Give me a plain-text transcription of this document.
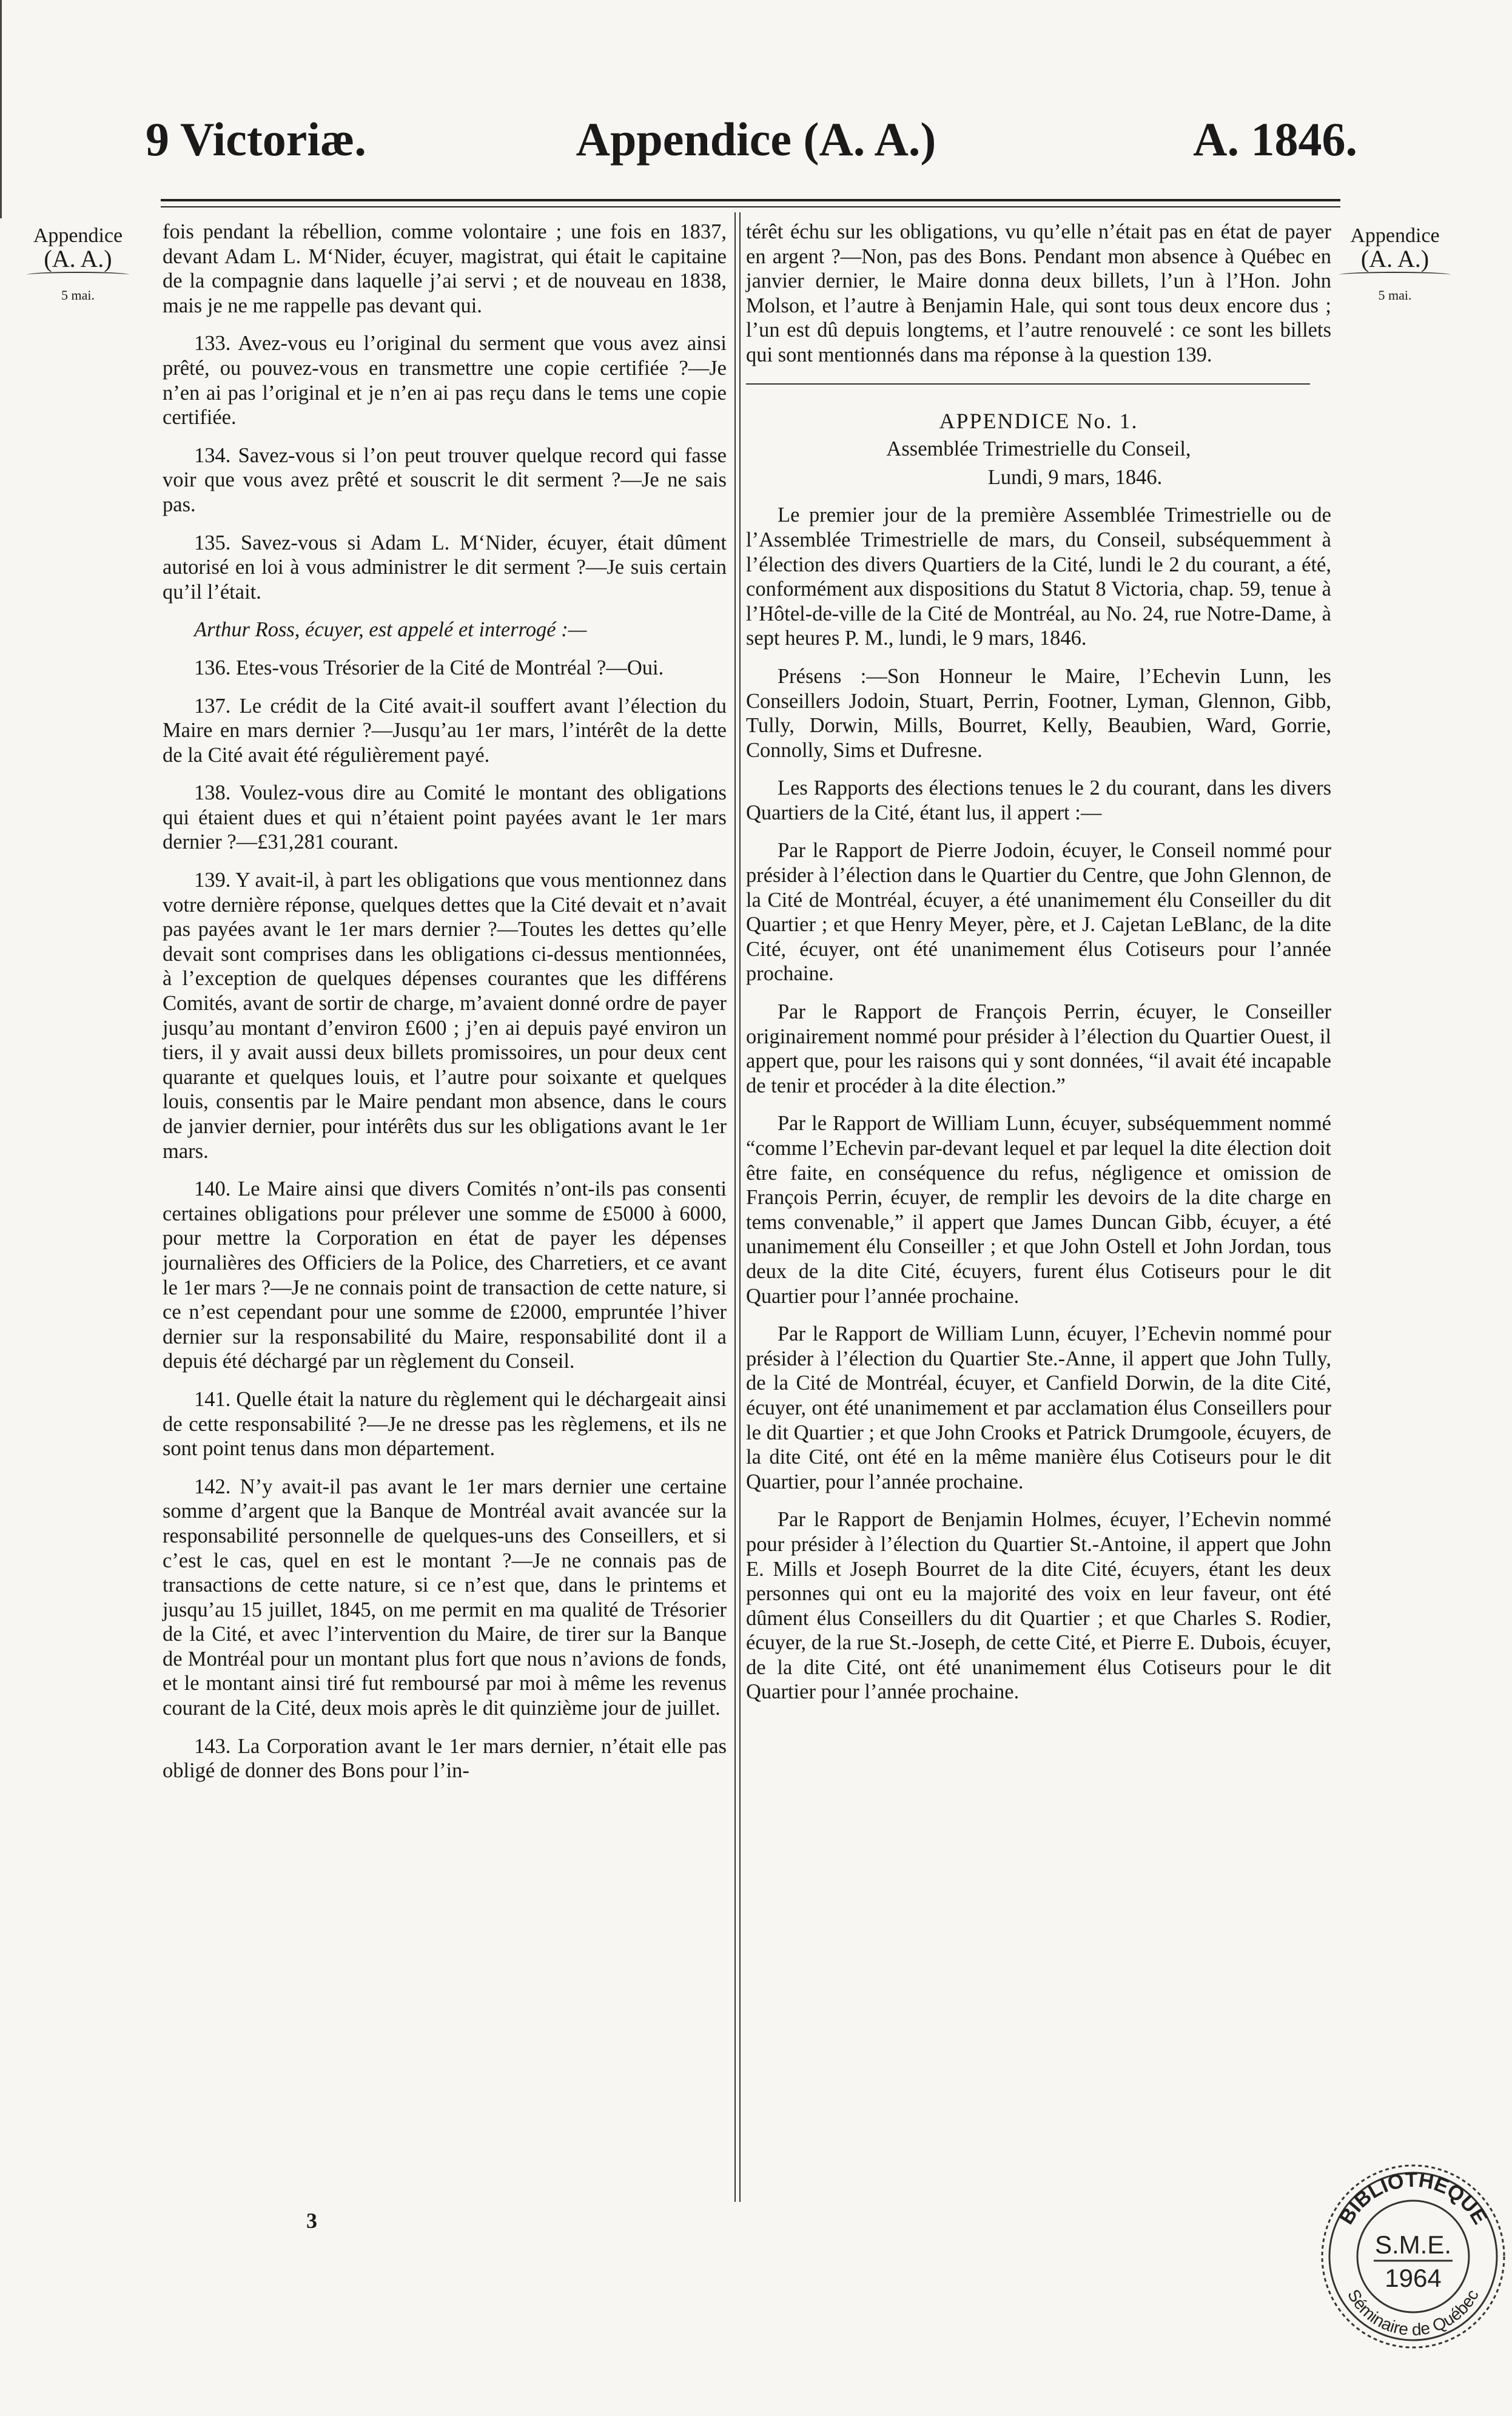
9 Victoriæ.	Appendice (A. A.)	A. 1846.
Appendice
(A. A.)
5 mai.
Appendice
(A. A.)
5 mai.

fois pendant la rébellion, comme volontaire ; une fois en 1837, devant Adam L. M‘Nider, écuyer, magistrat, qui était le capitaine de la compagnie dans laquelle j’ai servi ; et de nouveau en 1838, mais je ne me rappelle pas devant qui.

133. Avez-vous eu l’original du serment que vous avez ainsi prêté, ou pouvez-vous en transmettre une copie certifiée ?—Je n’en ai pas l’original et je n’en ai pas reçu dans le tems une copie certifiée.

134. Savez-vous si l’on peut trouver quelque record qui fasse voir que vous avez prêté et souscrit le dit serment ?—Je ne sais pas.

135. Savez-vous si Adam L. M‘Nider, écuyer, était dûment autorisé en loi à vous administrer le dit serment ?—Je suis certain qu’il l’était.

Arthur Ross, écuyer, est appelé et interrogé :—

136. Etes-vous Trésorier de la Cité de Montréal ?—Oui.

137. Le crédit de la Cité avait-il souffert avant l’élection du Maire en mars dernier ?—Jusqu’au 1er mars, l’intérêt de la dette de la Cité avait été régulièrement payé.

138. Voulez-vous dire au Comité le montant des obligations qui étaient dues et qui n’étaient point payées avant le 1er mars dernier ?—£31,281 courant.

139. Y avait-il, à part les obligations que vous mentionnez dans votre dernière réponse, quelques dettes que la Cité devait et n’avait pas payées avant le 1er mars dernier ?—Toutes les dettes qu’elle devait sont comprises dans les obligations ci-dessus mentionnées, à l’exception de quelques dépenses courantes que les différens Comités, avant de sortir de charge, m’avaient donné ordre de payer jusqu’au montant d’environ £600 ; j’en ai depuis payé environ un tiers, il y avait aussi deux billets promissoires, un pour deux cent quarante et quelques louis, et l’autre pour soixante et quelques louis, consentis par le Maire pendant mon absence, dans le cours de janvier dernier, pour intérêts dus sur les obligations avant le 1er mars.

140. Le Maire ainsi que divers Comités n’ont-ils pas consenti certaines obligations pour prélever une somme de £5000 à 6000, pour mettre la Corporation en état de payer les dépenses journalières des Officiers de la Police, des Charretiers, et ce avant le 1er mars ?—Je ne connais point de transaction de cette nature, si ce n’est cependant pour une somme de £2000, empruntée l’hiver dernier sur la responsabilité du Maire, responsabilité dont il a depuis été déchargé par un règlement du Conseil.

141. Quelle était la nature du règlement qui le déchargeait ainsi de cette responsabilité ?—Je ne dresse pas les règlemens, et ils ne sont point tenus dans mon département.

142. N’y avait-il pas avant le 1er mars dernier une certaine somme d’argent que la Banque de Montréal avait avancée sur la responsabilité personnelle de quelques-uns des Conseillers, et si c’est le cas, quel en est le montant ?—Je ne connais pas de transactions de cette nature, si ce n’est que, dans le printems et jusqu’au 15 juillet, 1845, on me permit en ma qualité de Trésorier de la Cité, et avec l’intervention du Maire, de tirer sur la Banque de Montréal pour un montant plus fort que nous n’avions de fonds, et le montant ainsi tiré fut remboursé par moi à même les revenus courant de la Cité, deux mois après le dit quinzième jour de juillet.

143. La Corporation avant le 1er mars dernier, n’était elle pas obligé de donner des Bons pour l’in-

térêt échu sur les obligations, vu qu’elle n’était pas en état de payer en argent ?—Non, pas des Bons. Pendant mon absence à Québec en janvier dernier, le Maire donna deux billets, l’un à l’Hon. John Molson, et l’autre à Benjamin Hale, qui sont tous deux encore dus ; l’un est dû depuis longtems, et l’autre renouvelé : ce sont les billets qui sont mentionnés dans ma réponse à la question 139.

APPENDICE No. 1.

Assemblée Trimestrielle du Conseil,

Lundi, 9 mars, 1846.

Le premier jour de la première Assemblée Trimestrielle ou de l’Assemblée Trimestrielle de mars, du Conseil, subséquemment à l’élection des divers Quartiers de la Cité, lundi le 2 du courant, a été, conformément aux dispositions du Statut 8 Victoria, chap. 59, tenue à l’Hôtel-de-ville de la Cité de Montréal, au No. 24, rue Notre-Dame, à sept heures P. M., lundi, le 9 mars, 1846.

Présens :—Son Honneur le Maire, l’Echevin Lunn, les Conseillers Jodoin, Stuart, Perrin, Footner, Lyman, Glennon, Gibb, Tully, Dorwin, Mills, Bourret, Kelly, Beaubien, Ward, Gorrie, Connolly, Sims et Dufresne.

Les Rapports des élections tenues le 2 du courant, dans les divers Quartiers de la Cité, étant lus, il appert :—

Par le Rapport de Pierre Jodoin, écuyer, le Conseil nommé pour présider à l’élection dans le Quartier du Centre, que John Glennon, de la Cité de Montréal, écuyer, a été unanimement élu Conseiller du dit Quartier ; et que Henry Meyer, père, et J. Cajetan LeBlanc, de la dite Cité, écuyer, ont été unanimement élus Cotiseurs pour l’année prochaine.

Par le Rapport de François Perrin, écuyer, le Conseiller originairement nommé pour présider à l’élection du Quartier Ouest, il appert que, pour les raisons qui y sont données, “il avait été incapable de tenir et procéder à la dite élection.”

Par le Rapport de William Lunn, écuyer, subséquemment nommé “comme l’Echevin par-devant lequel et par lequel la dite élection doit être faite, en conséquence du refus, négligence et omission de François Perrin, écuyer, de remplir les devoirs de la dite charge en tems convenable,” il appert que James Duncan Gibb, écuyer, a été unanimement élu Conseiller ; et que John Ostell et John Jordan, tous deux de la dite Cité, écuyers, furent élus Cotiseurs pour le dit Quartier pour l’année prochaine.

Par le Rapport de William Lunn, écuyer, l’Echevin nommé pour présider à l’élection du Quartier Ste.-Anne, il appert que John Tully, de la Cité de Montréal, écuyer, et Canfield Dorwin, de la dite Cité, écuyer, ont été unanimement et par acclamation élus Conseillers pour le dit Quartier ; et que John Crooks et Patrick Drumgoole, écuyers, de la dite Cité, ont été en la même manière élus Cotiseurs pour le dit Quartier, pour l’année prochaine.

Par le Rapport de Benjamin Holmes, écuyer, l’Echevin nommé pour présider à l’élection du Quartier St.-Antoine, il appert que John E. Mills et Joseph Bourret de la dite Cité, écuyers, étant les deux personnes qui ont eu la majorité des voix en leur faveur, ont été dûment élus Conseillers du dit Quartier ; et que Charles S. Rodier, écuyer, de la rue St.-Joseph, de cette Cité, et Pierre E. Dubois, écuyer, de la dite Cité, ont été unanimement élus Cotiseurs pour le dit Quartier pour l’année prochaine.

3	BIBLIOTHEQUE
Séminaire de Québec
S.M.E.
1964
